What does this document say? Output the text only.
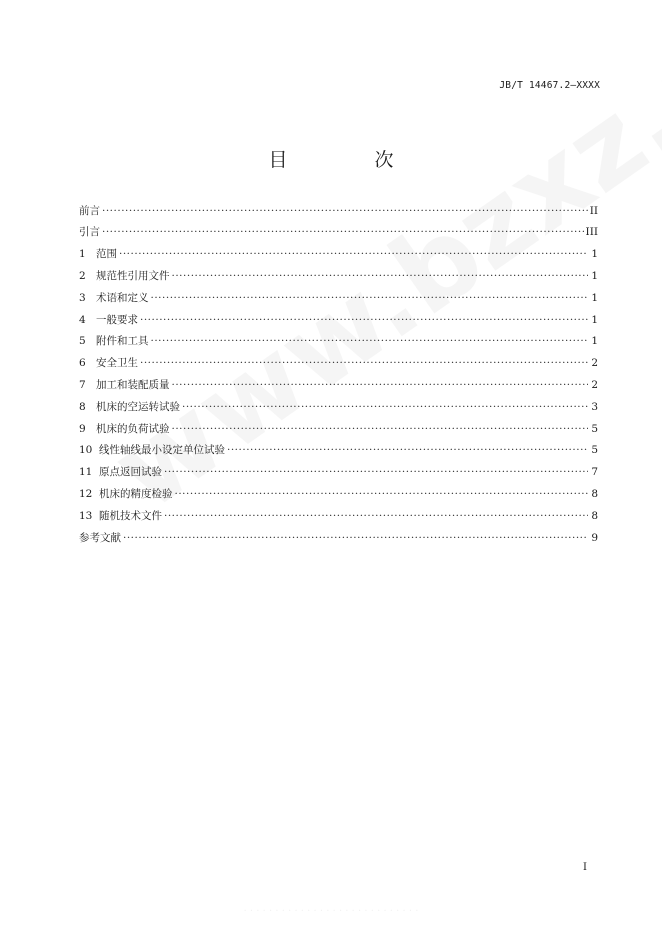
· · · · · · · · · · · · · · · · · · · · · · · · · · · ·
JB/T 14467.2—XXXX
目　次
前言 ·····	II
引言 ·····	III
1 范围 ·····	1
2 规范性引用文件 ·····	1
3 术语和定义 ·····	1
4 一般要求 ·····	1
5 附件和工具 ·····	1
6 安全卫生 ·····	2
7 加工和装配质量 ·····	2
8 机床的空运转试验 ·····	3
9 机床的负荷试验 ·····	5
10 线性轴线最小设定单位试验 ·····	5
11 原点返回试验 ·····	7
12 机床的精度检验 ·····	8
13 随机技术文件 ·····	8
参考文献 ·····	9
I
